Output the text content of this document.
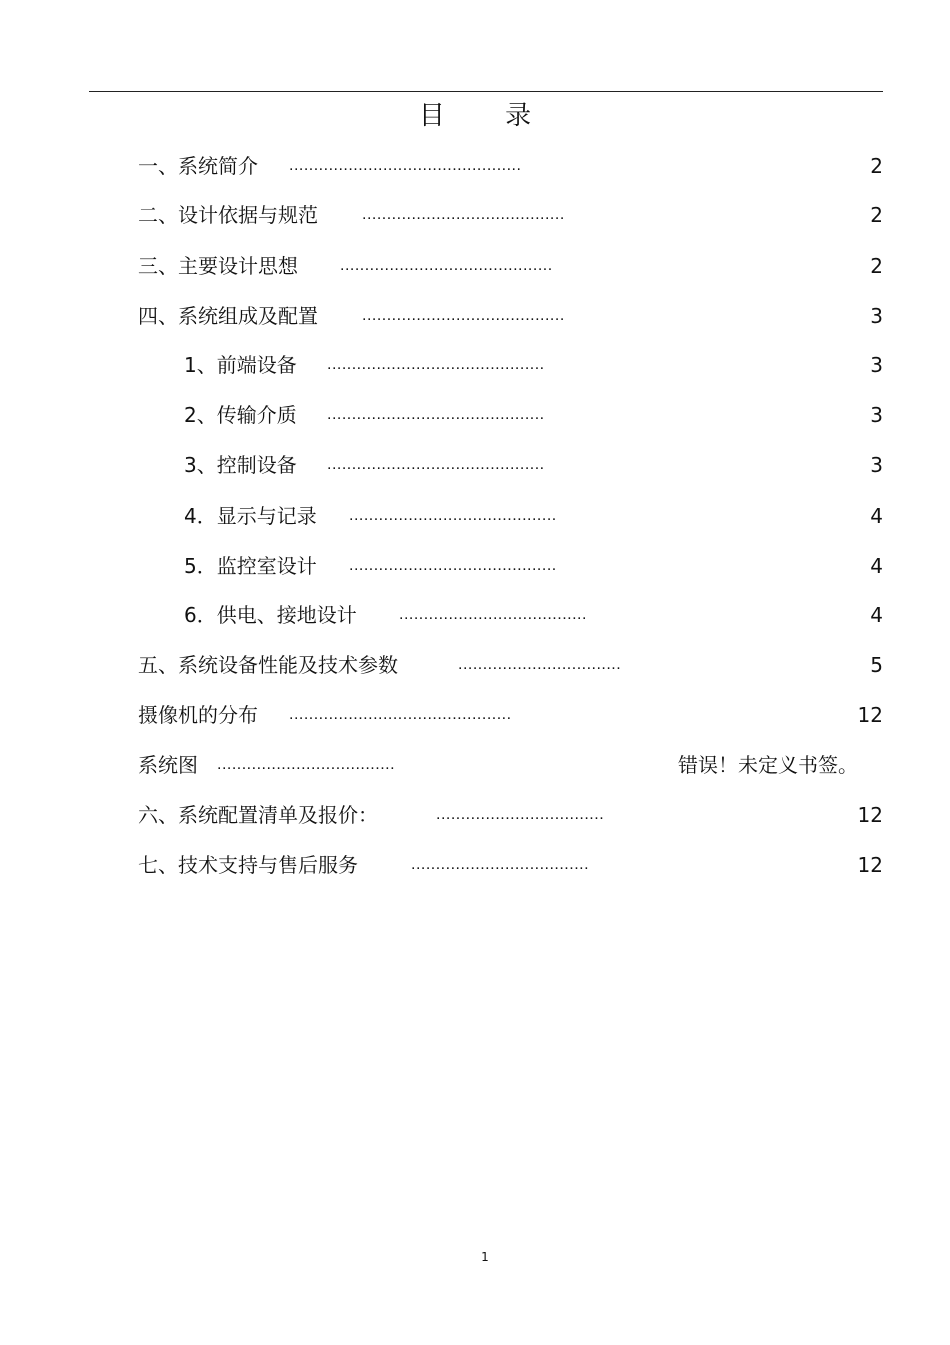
目 录
一、系统简介 ...............................................	2
二、设计依据与规范	.........................................	2
三、主要设计思想	...........................................	2
四、系统组成及配置	.........................................	3
1、前端设备 ............................................	3
2、传输介质 ............................................	3
3、控制设备 ............................................	3
4．显示与记录 ..........................................	4
5．监控室设计 ..........................................	4
6．供电、接地设计	......................................	4
五、系统设备性能及技术参数	.................................	5
摄像机的分布 .............................................	12
系统图 ....................................	错误！未定义书签。
六、系统配置清单及报价：	..................................	12
七、技术支持与售后服务	....................................	12
1
